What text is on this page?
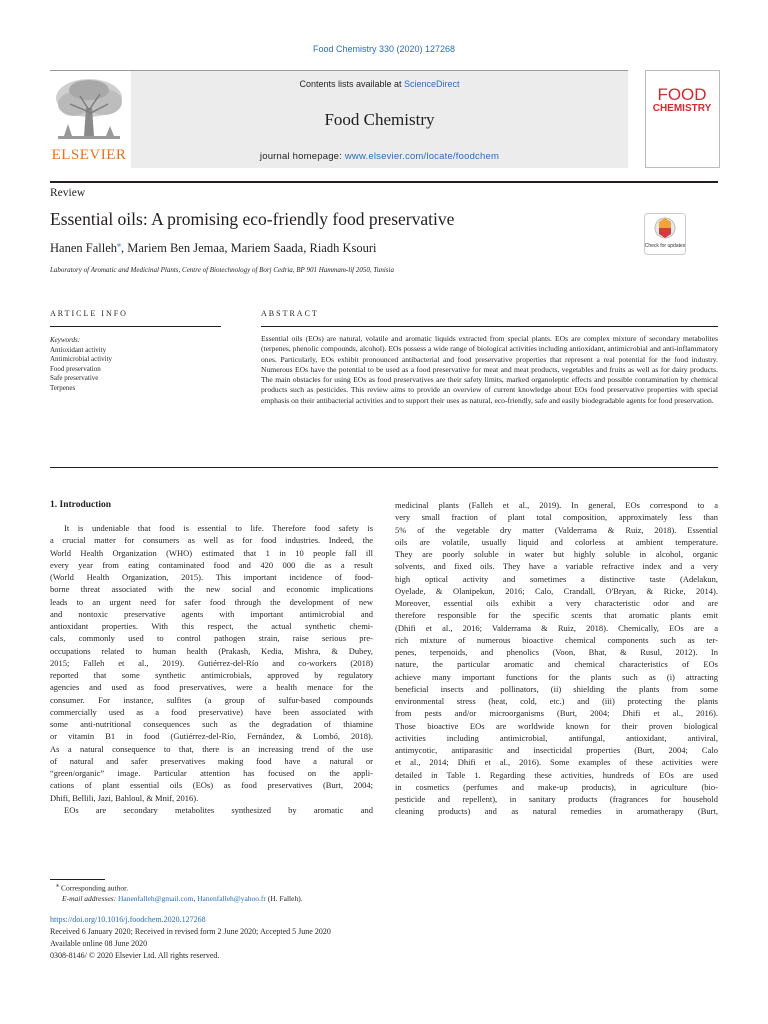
Food Chemistry 330 (2020) 127268
Contents lists available at ScienceDirect
Food Chemistry
journal homepage: www.elsevier.com/locate/foodchem
ELSEVIER
FOOD
CHEMISTRY
Review
Essential oils: A promising eco-friendly food preservative
Hanen Falleh⁎, Mariem Ben Jemaa, Mariem Saada, Riadh Ksouri
Laboratory of Aromatic and Medicinal Plants, Centre of Biotechnology of Borj Cedria, BP 901 Hammam-lif 2050, Tunisia
Check for updates
ARTICLE INFO	ABSTRACT
Keywords:
Antioxidant activity
Antimicrobial activity
Food preservation
Safe preservative
Terpenes
Essential oils (EOs) are natural, volatile and aromatic liquids extracted from special plants. EOs are complex mixture of secondary metabolites (terpenes, phenolic compounds, alcohol). EOs possess a wide range of biological activities including antioxidant, antimicrobial and anti-inflammatory ones. Particularly, EOs exhibit pronounced antibacterial and food preservative properties that represent a real potential for the food industry. Numerous EOs have the potential to be used as a food preservative for meat and meat products, vegetables and fruits as well as for dairy products. The main obstacles for using EOs as food preservatives are their safety limits, marked organoleptic effects and possible contamination by chemical products such as pesticides. This review aims to provide an overview of current knowledge about EOs food preservative properties with special emphasis on their antibacterial activities and to support their uses as natural, eco-friendly, safe and easily biodegradable agents for food preservation.
1. Introduction
It is undeniable that food is essential to life. Therefore food safety is
a crucial matter for consumers as well as for food industries. Indeed, the
World Health Organization (WHO) estimated that 1 in 10 people fall ill
every year from eating contaminated food and 420 000 die as a result
(World Health Organization, 2015). This important incidence of food-
borne threat associated with the new social and economic implications
leads to an urgent need for safer food through the development of new
and nontoxic preservative agents with important antimicrobial and
antioxidant properties. With this respect, the actual synthetic chemi-
cals, commonly used to control pathogen strain, raise serious pre-
occupations related to human health (Prakash, Kedia, Mishra, & Dubey,
2015; Falleh et al., 2019). Gutiérrez-del-Río and co-workers (2018)
reported that some synthetic antimicrobials, approved by regulatory
agencies and used as food preservatives, were a health menace for the
consumer. For instance, sulfites (a group of sulfur-based compounds
commercially used as a food preservative) have been associated with
some anti-nutritional consequences such as the degradation of thiamine
or vitamin B1 in food (Gutiérrez-del-Río, Fernández, & Lombó, 2018).
As a natural consequence to that, there is an increasing trend of the use
of natural and safer preservatives making food have a natural or
“green/organic” image. Particular attention has focused on the appli-
cations of plant essential oils (EOs) as food preservatives (Burt, 2004;
Dhifi, Bellili, Jazi, Bahloul, & Mnif, 2016).
EOs are secondary metabolites synthesized by aromatic and
medicinal plants (Falleh et al., 2019). In general, EOs correspond to a
very small fraction of plant total composition, approximately less than
5% of the vegetable dry matter (Valderrama & Ruiz, 2018). Essential
oils are volatile, usually liquid and colorless at ambient temperature.
They are poorly soluble in water but highly soluble in alcohol, organic
solvents, and fixed oils. They have a variable refractive index and a very
high optical activity and sometimes a distinctive taste (Adelakun,
Oyelade, & Olanipekun, 2016; Calo, Crandall, O'Bryan, & Ricke, 2014).
Moreover, essential oils exhibit a very characteristic odor and are
therefore responsible for the specific scents that aromatic plants emit
(Dhifi et al., 2016; Valderrama & Ruiz, 2018). Chemically, EOs are a
rich mixture of numerous bioactive chemical components such as ter-
penes, terpenoids, and phenolics (Voon, Bhat, & Rusul, 2012). In
nature, the particular aromatic and chemical characteristics of EOs
achieve many important functions for the plants such as (i) attracting
beneficial insects and pollinators, (ii) shielding the plants from some
environmental stress (heat, cold, etc.) and (iii) protecting the plants
from pests and/or microorganisms (Burt, 2004; Dhifi et al., 2016).
Those bioactive EOs are worldwide known for their proven biological
activities including antimicrobial, antifungal, antioxidant, antiviral,
antimycotic, antiparasitic and insecticidal properties (Burt, 2004; Calo
et al., 2014; Dhifi et al., 2016). Some examples of these activities were
detailed in Table 1. Regarding these activities, hundreds of EOs are used
in cosmetics (perfumes and make-up products), in agriculture (bio-
pesticide and repellent), in sanitary products (fragrances for household
cleaning products) and as natural remedies in aromatherapy (Burt,
⁎ Corresponding author.
E-mail addresses: Hanenfalleh@gmail.com, Hanenfalleh@yahoo.fr (H. Falleh).
https://doi.org/10.1016/j.foodchem.2020.127268
Received 6 January 2020; Received in revised form 2 June 2020; Accepted 5 June 2020
Available online 08 June 2020
0308-8146/ © 2020 Elsevier Ltd. All rights reserved.
